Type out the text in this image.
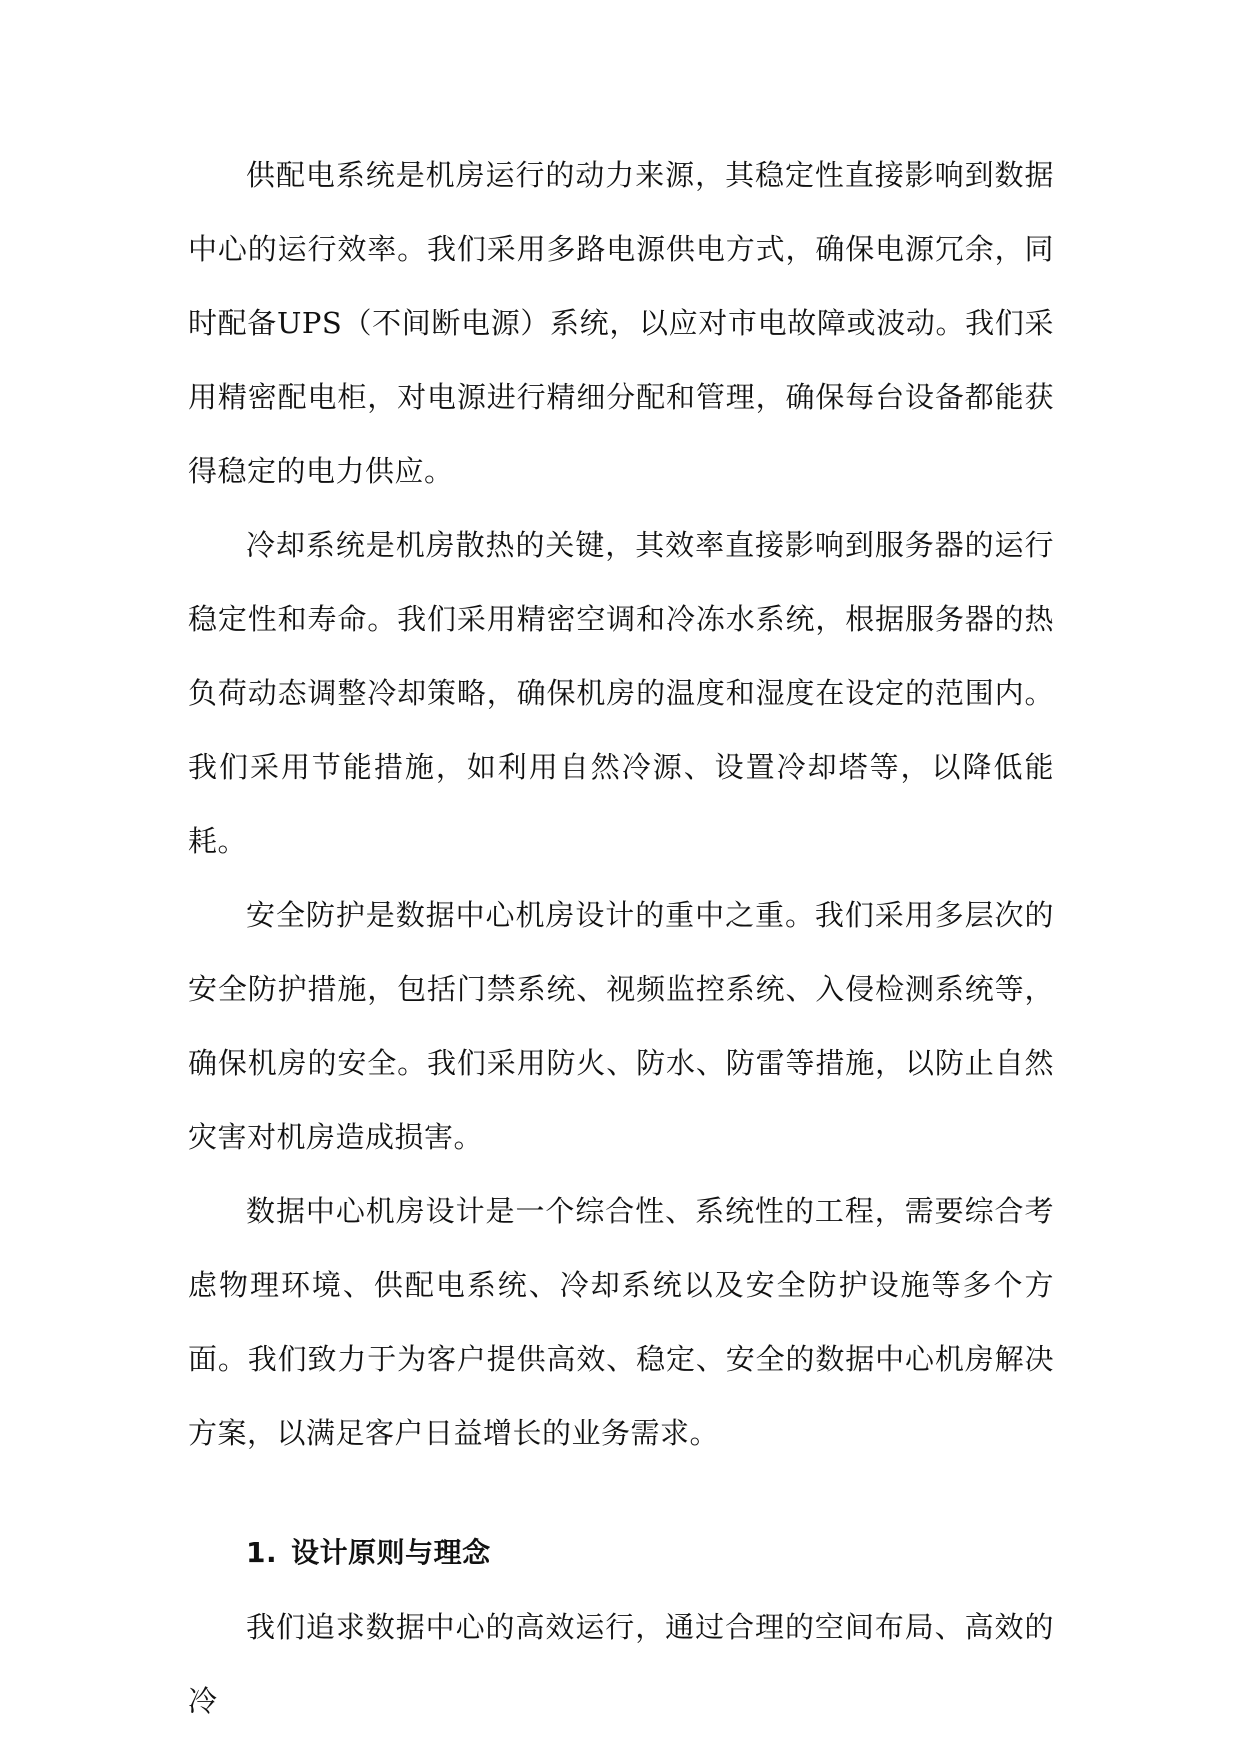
供配电系统是机房运行的动力来源，其稳定性直接影响到数据中心的运行效率。我们采用多路电源供电方式，确保电源冗余，同时配备UPS（不间断电源）系统，以应对市电故障或波动。我们采用精密配电柜，对电源进行精细分配和管理，确保每台设备都能获得稳定的电力供应。

冷却系统是机房散热的关键，其效率直接影响到服务器的运行稳定性和寿命。我们采用精密空调和冷冻水系统，根据服务器的热负荷动态调整冷却策略，确保机房的温度和湿度在设定的范围内。我们采用节能措施，如利用自然冷源、设置冷却塔等，以降低能耗。

安全防护是数据中心机房设计的重中之重。我们采用多层次的安全防护措施，包括门禁系统、视频监控系统、入侵检测系统等，确保机房的安全。我们采用防火、防水、防雷等措施，以防止自然灾害对机房造成损害。

数据中心机房设计是一个综合性、系统性的工程，需要综合考虑物理环境、供配电系统、冷却系统以及安全防护设施等多个方面。我们致力于为客户提供高效、稳定、安全的数据中心机房解决方案，以满足客户日益增长的业务需求。

1. 设计原则与理念

我们追求数据中心的高效运行，通过合理的空间布局、高效的冷
